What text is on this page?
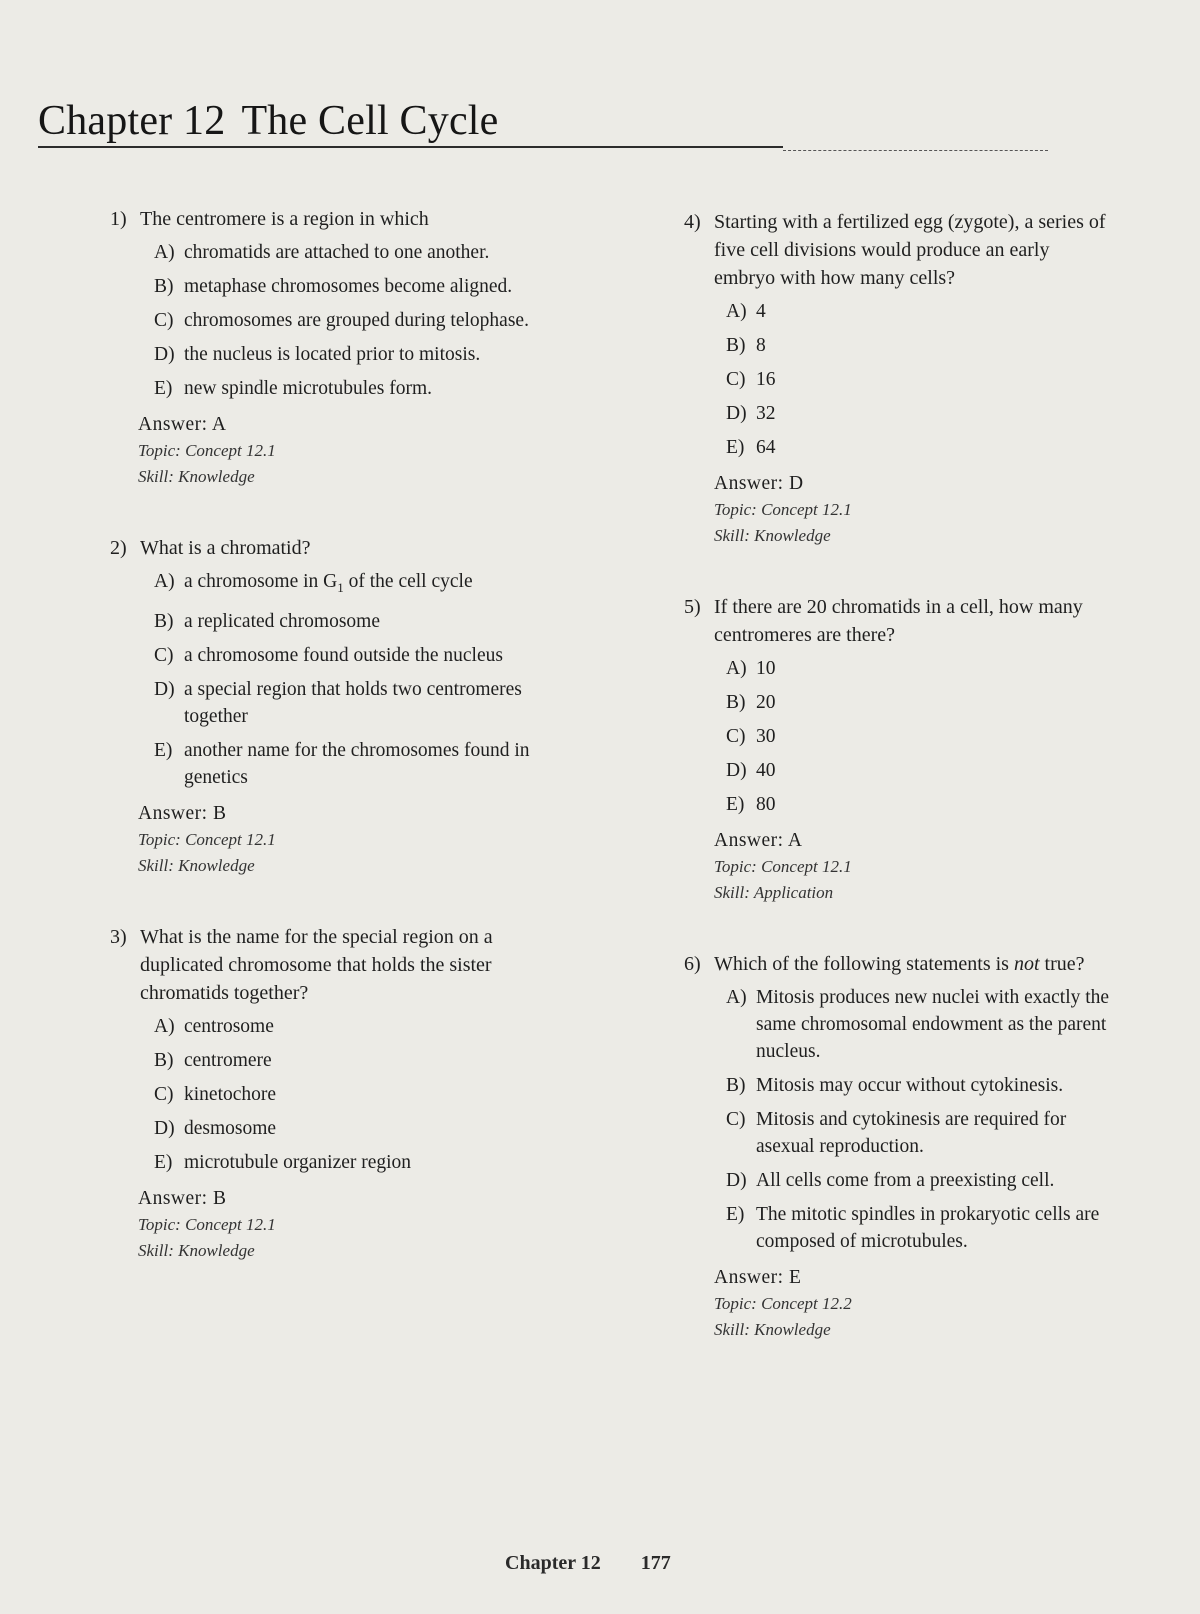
Chapter 12 The Cell Cycle
1) The centromere is a region in which
A) chromatids are attached to one another.
B) metaphase chromosomes become aligned.
C) chromosomes are grouped during telophase.
D) the nucleus is located prior to mitosis.
E) new spindle microtubules form.
Answer: A
Topic: Concept 12.1
Skill: Knowledge
2) What is a chromatid?
A) a chromosome in $G_1$ of the cell cycle
B) a replicated chromosome
C) a chromosome found outside the nucleus
D) a special region that holds two centromeres together
E) another name for the chromosomes found in genetics
Answer: B
Topic: Concept 12.1
Skill: Knowledge
3) What is the name for the special region on a duplicated chromosome that holds the sister chromatids together?
A) centrosome
B) centromere
C) kinetochore
D) desmosome
E) microtubule organizer region
Answer: B
Topic: Concept 12.1
Skill: Knowledge
4) Starting with a fertilized egg (zygote), a series of five cell divisions would produce an early embryo with how many cells?
A) 4
B) 8
C) 16
D) 32
E) 64
Answer: D
Topic: Concept 12.1
Skill: Knowledge
5) If there are 20 chromatids in a cell, how many centromeres are there?
A) 10
B) 20
C) 30
D) 40
E) 80
Answer: A
Topic: Concept 12.1
Skill: Application
6) Which of the following statements is not true?
A) Mitosis produces new nuclei with exactly the same chromosomal endowment as the parent nucleus.
B) Mitosis may occur without cytokinesis.
C) Mitosis and cytokinesis are required for asexual reproduction.
D) All cells come from a preexisting cell.
E) The mitotic spindles in prokaryotic cells are composed of microtubules.
Answer: E
Topic: Concept 12.2
Skill: Knowledge
Chapter 12 177
